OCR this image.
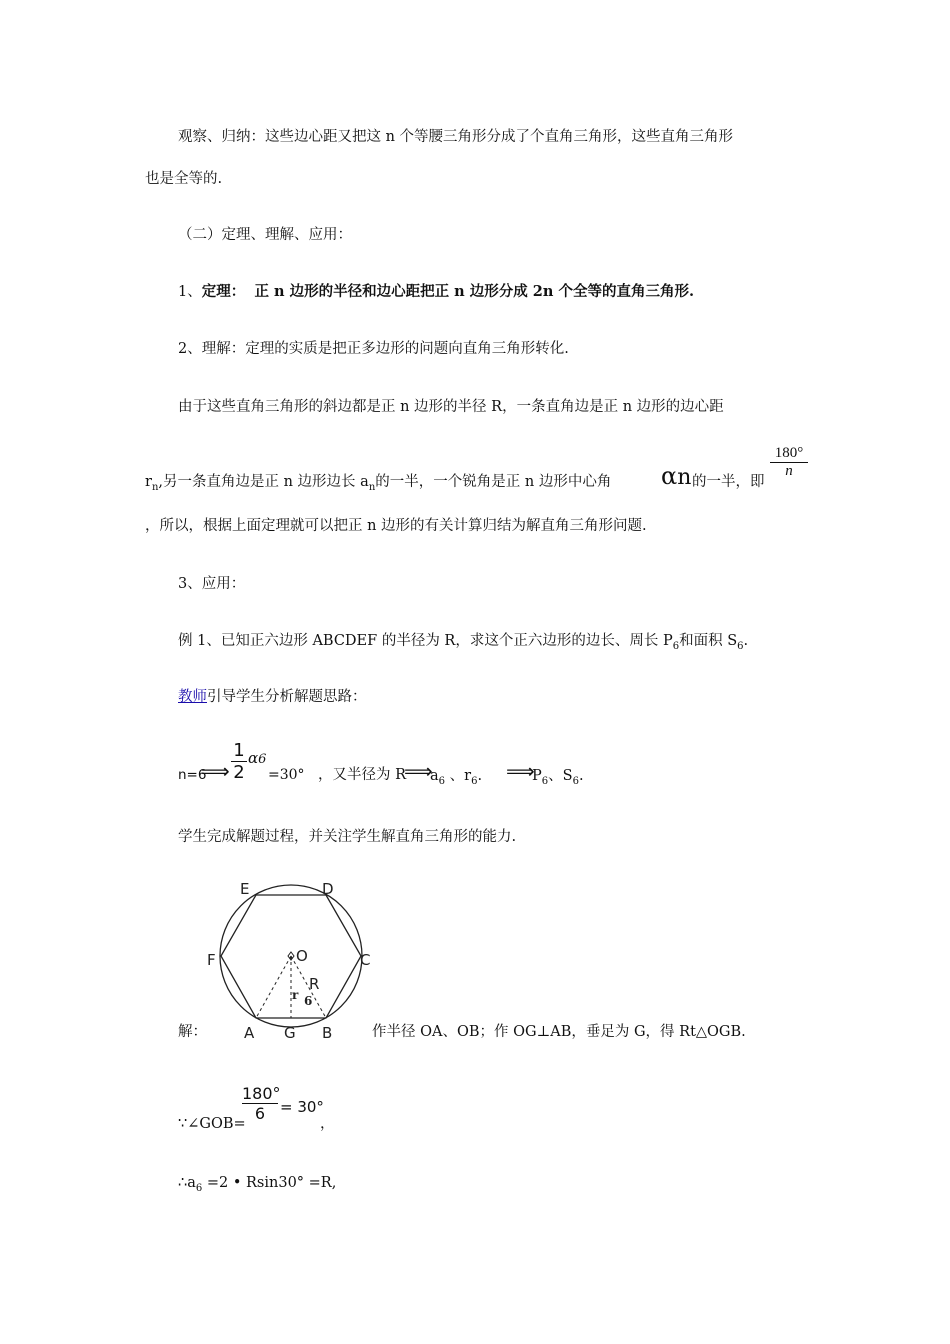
观察、归纳：这些边心距又把这 n 个等腰三角形分成了个直角三角形，这些直角三角形
也是全等的.
（二）定理、理解、应用：
1、定理： 正 n 边形的半径和边心距把正 n 边形分成 2n 个全等的直角三角形.
2、理解：定理的实质是把正多边形的问题向直角三角形转化.
由于这些直角三角形的斜边都是正 n 边形的半径 R，一条直角边是正 n 边形的边心距
$r_n$,另一条直角边是正 n 边形边长 $a_n$的一半，一个锐角是正 n 边形中心角 αn 的一半，即
180°
n
，所以，根据上面定理就可以把正 n 边形的有关计算归结为解直角三角形问题.
3、应用：
例 1、已知正六边形 ABCDEF 的半径为 R，求这个正六边形的边长、周长 $P_6$和面积 $S_6$.
教师引导学生分析解题思路：
n=6
⟹
1
2
α6
=30° ，又半径为 R
⟹
$a_6$ 、$r_6$. ⟹
$P_6$、$S_6$.
学生完成解题过程，并关注学生解直角三角形的能力.
E	D
F	C
O
R
A G B
r 6
解：	作半径 OA、OB；作 OG⊥AB，垂足为 G，得 Rt△OGB.
∵∠GOB=
180°
6 = 30°
，
$\therefore a_6 =2$ • Rsin30° =R,
